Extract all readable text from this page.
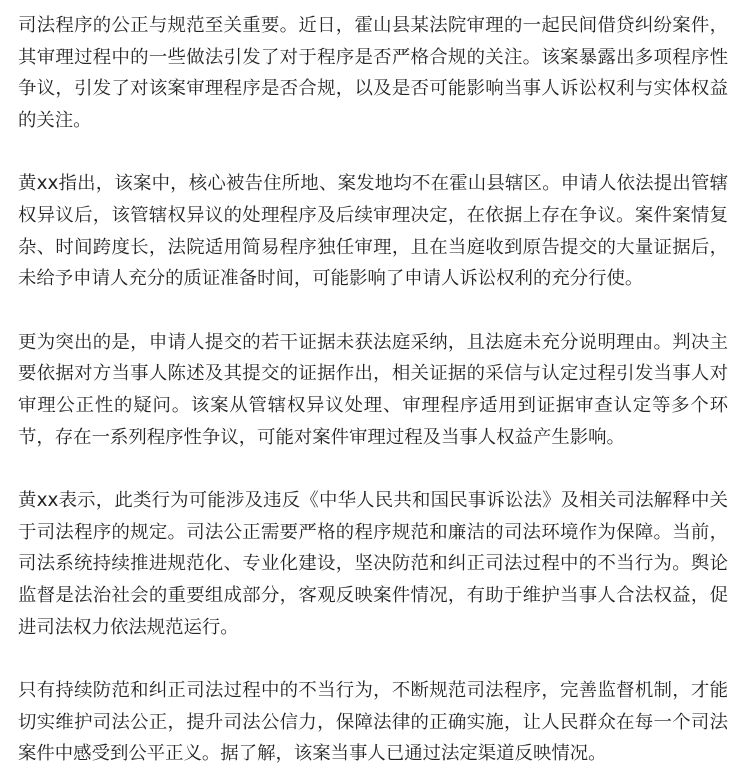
司法程序的公正与规范至关重要。近日，霍山县某法院审理的一起民间借贷纠纷案件，其审理过程中的一些做法引发了对于程序是否严格合规的关注。该案暴露出多项程序性争议，引发了对该案审理程序是否合规，以及是否可能影响当事人诉讼权利与实体权益的关注。

黄xx指出，该案中，核心被告住所地、案发地均不在霍山县辖区。申请人依法提出管辖权异议后，该管辖权异议的处理程序及后续审理决定，在依据上存在争议。案件案情复杂、时间跨度长，法院适用简易程序独任审理，且在当庭收到原告提交的大量证据后，未给予申请人充分的质证准备时间，可能影响了申请人诉讼权利的充分行使。

更为突出的是，申请人提交的若干证据未获法庭采纳，且法庭未充分说明理由。判决主要依据对方当事人陈述及其提交的证据作出，相关证据的采信与认定过程引发当事人对审理公正性的疑问。该案从管辖权异议处理、审理程序适用到证据审查认定等多个环节，存在一系列程序性争议，可能对案件审理过程及当事人权益产生影响。

黄xx表示，此类行为可能涉及违反《中华人民共和国民事诉讼法》及相关司法解释中关于司法程序的规定。司法公正需要严格的程序规范和廉洁的司法环境作为保障。当前，司法系统持续推进规范化、专业化建设，坚决防范和纠正司法过程中的不当行为。舆论监督是法治社会的重要组成部分，客观反映案件情况，有助于维护当事人合法权益，促进司法权力依法规范运行。

只有持续防范和纠正司法过程中的不当行为，不断规范司法程序，完善监督机制，才能切实维护司法公正，提升司法公信力，保障法律的正确实施，让人民群众在每一个司法案件中感受到公平正义。据了解，该案当事人已通过法定渠道反映情况。
